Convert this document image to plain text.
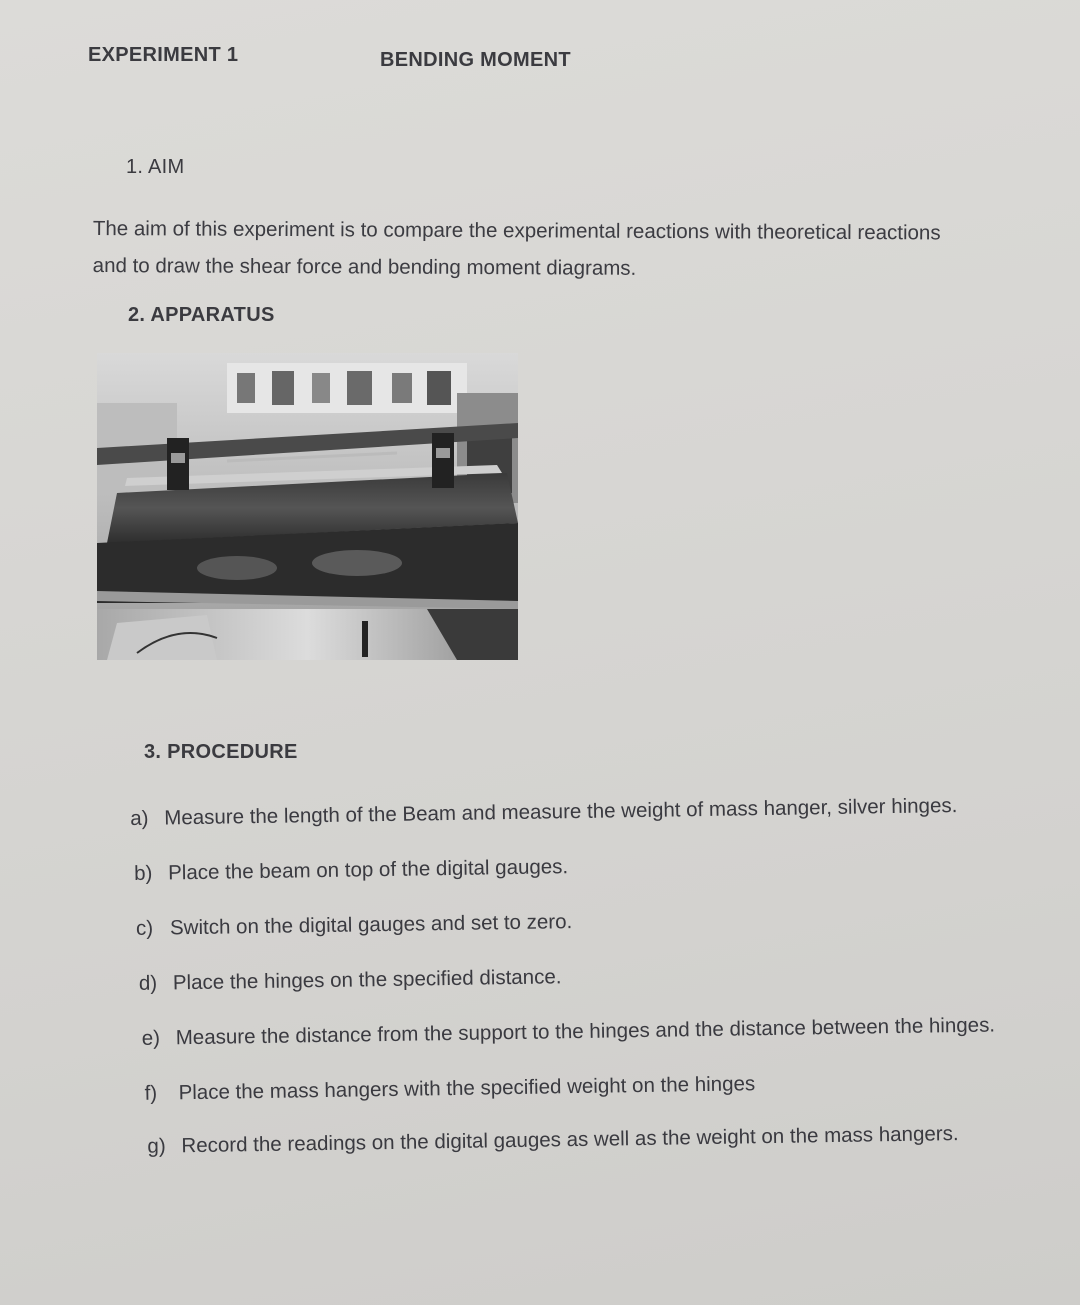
EXPERIMENT 1	BENDING MOMENT
1. AIM
The aim of this experiment is to compare the experimental reactions with theoretical reactions and to draw the shear force and bending moment diagrams.
2. APPARATUS
3. PROCEDURE
a) Measure the length of the Beam and measure the weight of mass hanger, silver hinges.
b) Place the beam on top of the digital gauges.
c) Switch on the digital gauges and set to zero.
d) Place the hinges on the specified distance.
e) Measure the distance from the support to the hinges and the distance between the hinges.
f)	Place the mass hangers with the specified weight on the hinges
g) Record the readings on the digital gauges as well as the weight on the mass hangers.
